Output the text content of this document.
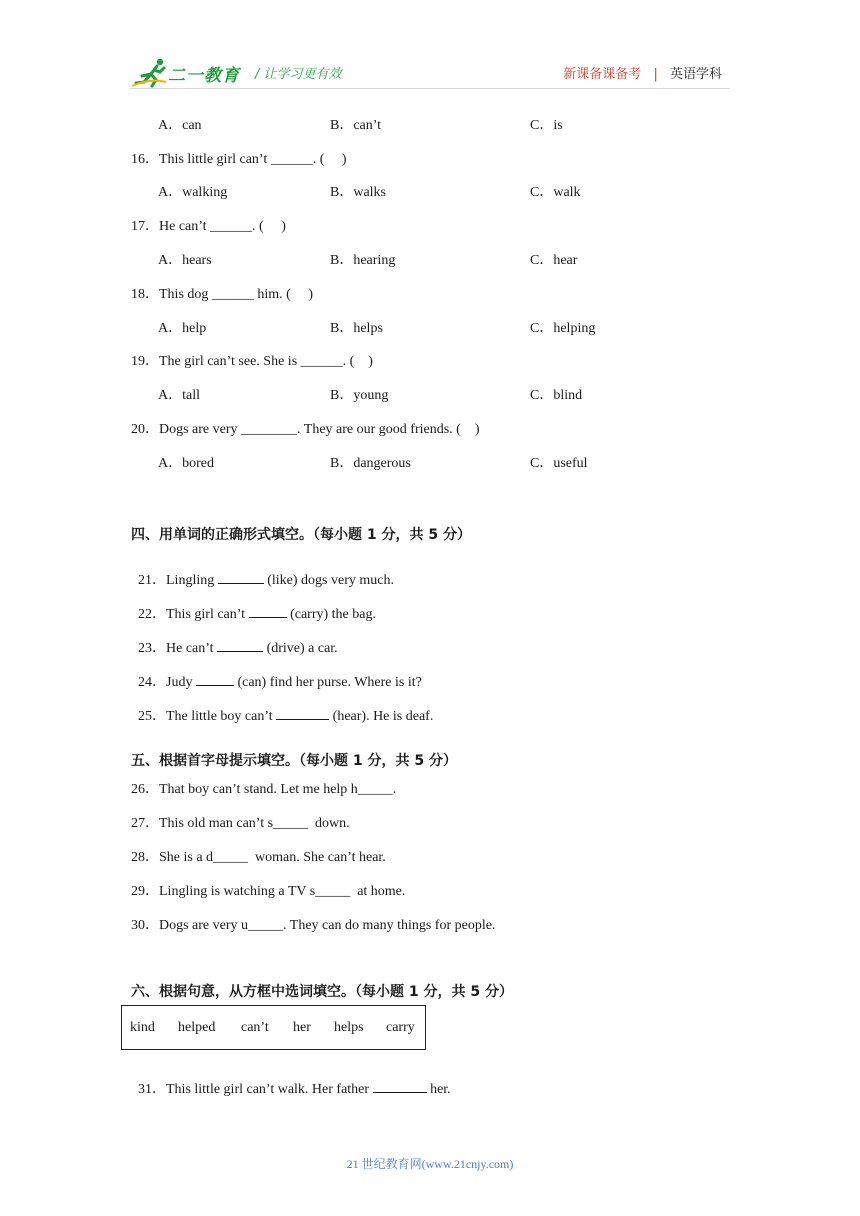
二一教育 / 让学习更有效	新课备课备考 | 英语学科
A．can	B．can’t	C．is
16．This little girl can’t ______. (     )
A．walking	B．walks	C．walk
17．He can’t ______. (     )
A．hears	B．hearing	C．hear
18．This dog ______ him. (     )
A．help	B．helps	C．helping
19．The girl can’t see. She is ______. (    )
A．tall	B．young	C．blind
20．Dogs are very ________. They are our good friends. (    )
A．bored	B．dangerous	C．useful
四、用单词的正确形式填空。（每小题 1 分，共 5 分）

21．Lingling	(like) dogs very much.

22．This girl can’t	(carry) the bag.

23．He can’t	(drive) a car.

24．Judy	(can) find her purse. Where is it?

25．The little boy can’t	(hear). He is deaf.

五、根据首字母提示填空。（每小题 1 分，共 5 分）
26．That boy can’t stand. Let me help h_____.
27．This old man can’t s_____  down.
28．She is a d_____  woman. She can’t hear.
29．Lingling is watching a TV s_____  at home.
30．Dogs are very u_____. They can do many things for people.
六、根据句意，从方框中选词填空。（每小题 1 分，共 5 分）
kind helped can’t her helps carry

31．This little girl can’t walk. Her father	her.

21 世纪教育网(www.21cnjy.com)
